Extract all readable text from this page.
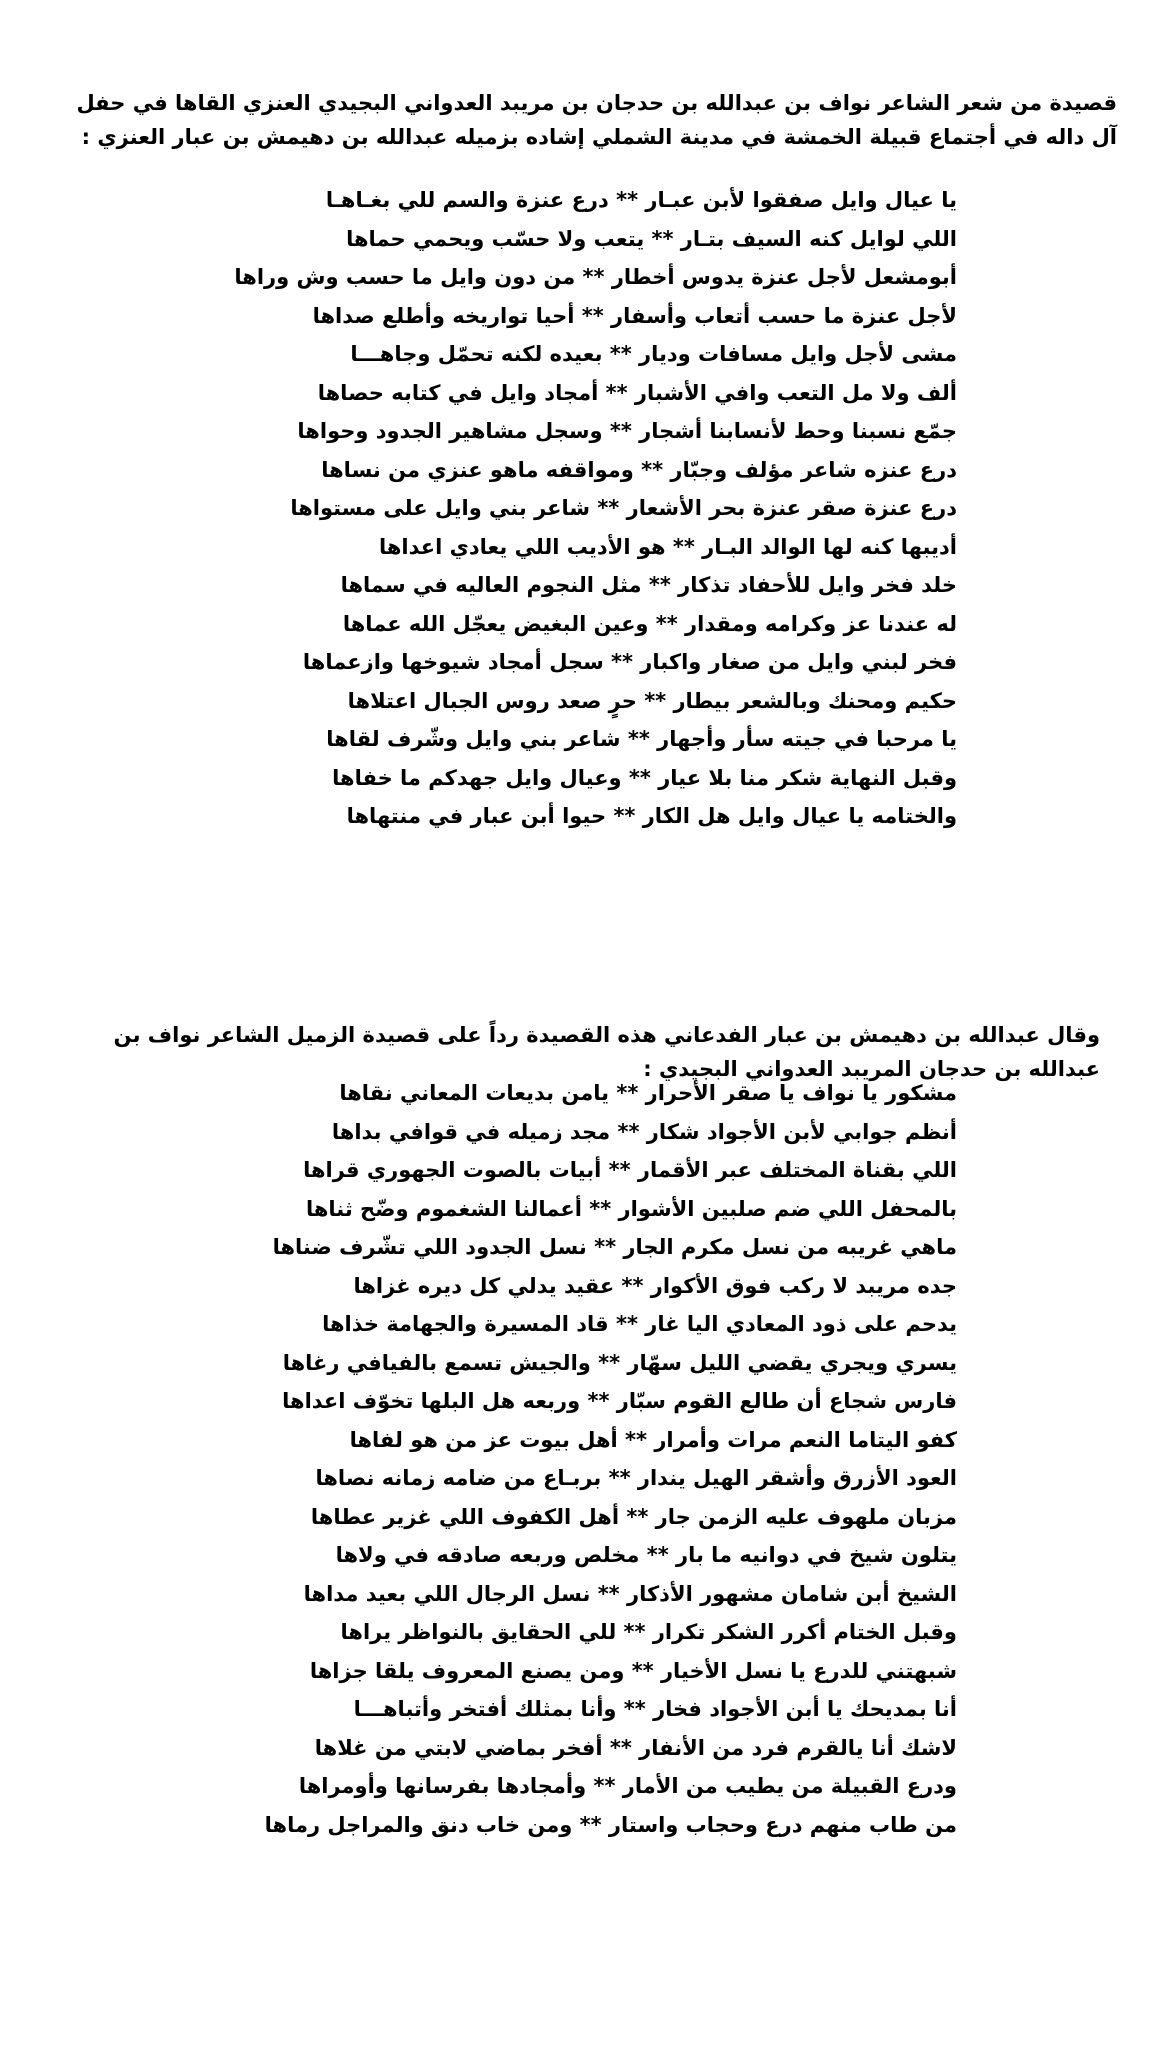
قصيدة من شعر الشاعر نواف بن عبدالله بن حدجان بن مريبد العدواني البجيدي العنزي القاها في حفل
آل داله في أجتماع قبيلة الخمشة في مدينة الشملي إشاده بزميله عبدالله بن دهيمش بن عبار العنزي :
يا عيال وايل صفقوا لأبن عبـار ** درع عنزة والسم للي بغـاهـا
اللي لوايل كنه السيف بتـار ** يتعب ولا حسّب ويحمي حماها
أبومشعل لأجل عنزة يدوس أخطار ** من دون وايل ما حسب وش وراها
لأجل عنزة ما حسب أتعاب وأسفار ** أحيا تواريخه وأطلع صداها
مشى لأجل وايل مسافات وديار ** بعيده لكنه تحمّل وجاهـــا
ألف ولا مل التعب وافي الأشبار ** أمجاد وايل في كتابه حصاها
جمّع نسبنا وحط لأنسابنا أشجار ** وسجل مشاهير الجدود وحواها
درع عنزه شاعر مؤلف وجبّار ** ومواقفه ماهو عنزي من نساها
درع عنزة صقر عنزة بحر الأشعار ** شاعر بني وايل على مستواها
أديبها كنه لها الوالد البـار ** هو الأديب اللي يعادي اعداها
خلد فخر وايل للأحفاد تذكار ** مثل النجوم العاليه في سماها
له عندنا عز وكرامه ومقدار ** وعين البغيض يعجّل الله عماها
فخر لبني وايل من صغار واكبار ** سجل أمجاد شيوخها وازعماها
حكيم ومحنك وبالشعر بيطار ** حرٍ صعد روس الجبال اعتلاها
يا مرحبا في جيته سأر وأجهار ** شاعر بني وايل وشّرف لقاها
وقبل النهاية شكر منا بلا عيار ** وعيال وايل جهدكم ما خفاها
والختامه يا عيال وايل هل الكار ** حيوا أبن عبار في منتهاها
وقال عبدالله بن دهيمش بن عبار الفدعاني هذه القصيدة رداً على قصيدة الزميل الشاعر نواف بن
عبدالله بن حدجان المريبد العدواني البجيدي :
مشكور يا نواف يا صقر الأحرار ** يامن بديعات المعاني نقاها
أنظم جوابي لأبن الأجواد شكار ** مجد زميله في قوافي بداها
اللي بقناة المختلف عبر الأقمار ** أبيات بالصوت الجهوري قراها
بالمحفل اللي ضم صلبين الأشوار ** أعمالنا الشغموم وضّح ثناها
ماهي غريبه من نسل مكرم الجار ** نسل الجدود اللي تشّرف ضناها
جده مريبد لا ركب فوق الأكوار ** عقيد يدلي كل ديره غزاها
يدحم على ذود المعادي اليا غار ** قاد المسيرة والجهامة خذاها
يسري ويجري يقضي الليل سهّار ** والجيش تسمع بالفيافي رغاها
فارس شجاع أن طالع القوم سبّار ** وربعه هل البلها تخوّف اعداها
كفو اليتاما النعم مرات وأمرار ** أهل بيوت عز من هو لفاها
العود الأزرق وأشقر الهيل يندار ** بربـاع من ضامه زمانه نصاها
مزبان ملهوف عليه الزمن جار ** أهل الكفوف اللي غزير عطاها
يتلون شيخ في دوانيه ما بار ** مخلص وربعه صادقه في ولاها
الشيخ أبن شامان مشهور الأذكار ** نسل الرجال اللي بعيد مداها
وقبل الختام أكرر الشكر تكرار ** للي الحقايق بالنواظر يراها
شبهتني للدرع يا نسل الأخيار ** ومن يصنع المعروف يلقا جزاها
أنا بمديحك يا أبن الأجواد فخار ** وأنا بمثلك أفتخر وأتباهـــا
لاشك أنا يالقرم فرد من الأنفار ** أفخر بماضي لابتي من غلاها
ودرع القبيلة من يطيب من الأمار ** وأمجادها بفرسانها وأومراها
من طاب منهم درع وحجاب واستار ** ومن خاب دنق والمراجل رماها
